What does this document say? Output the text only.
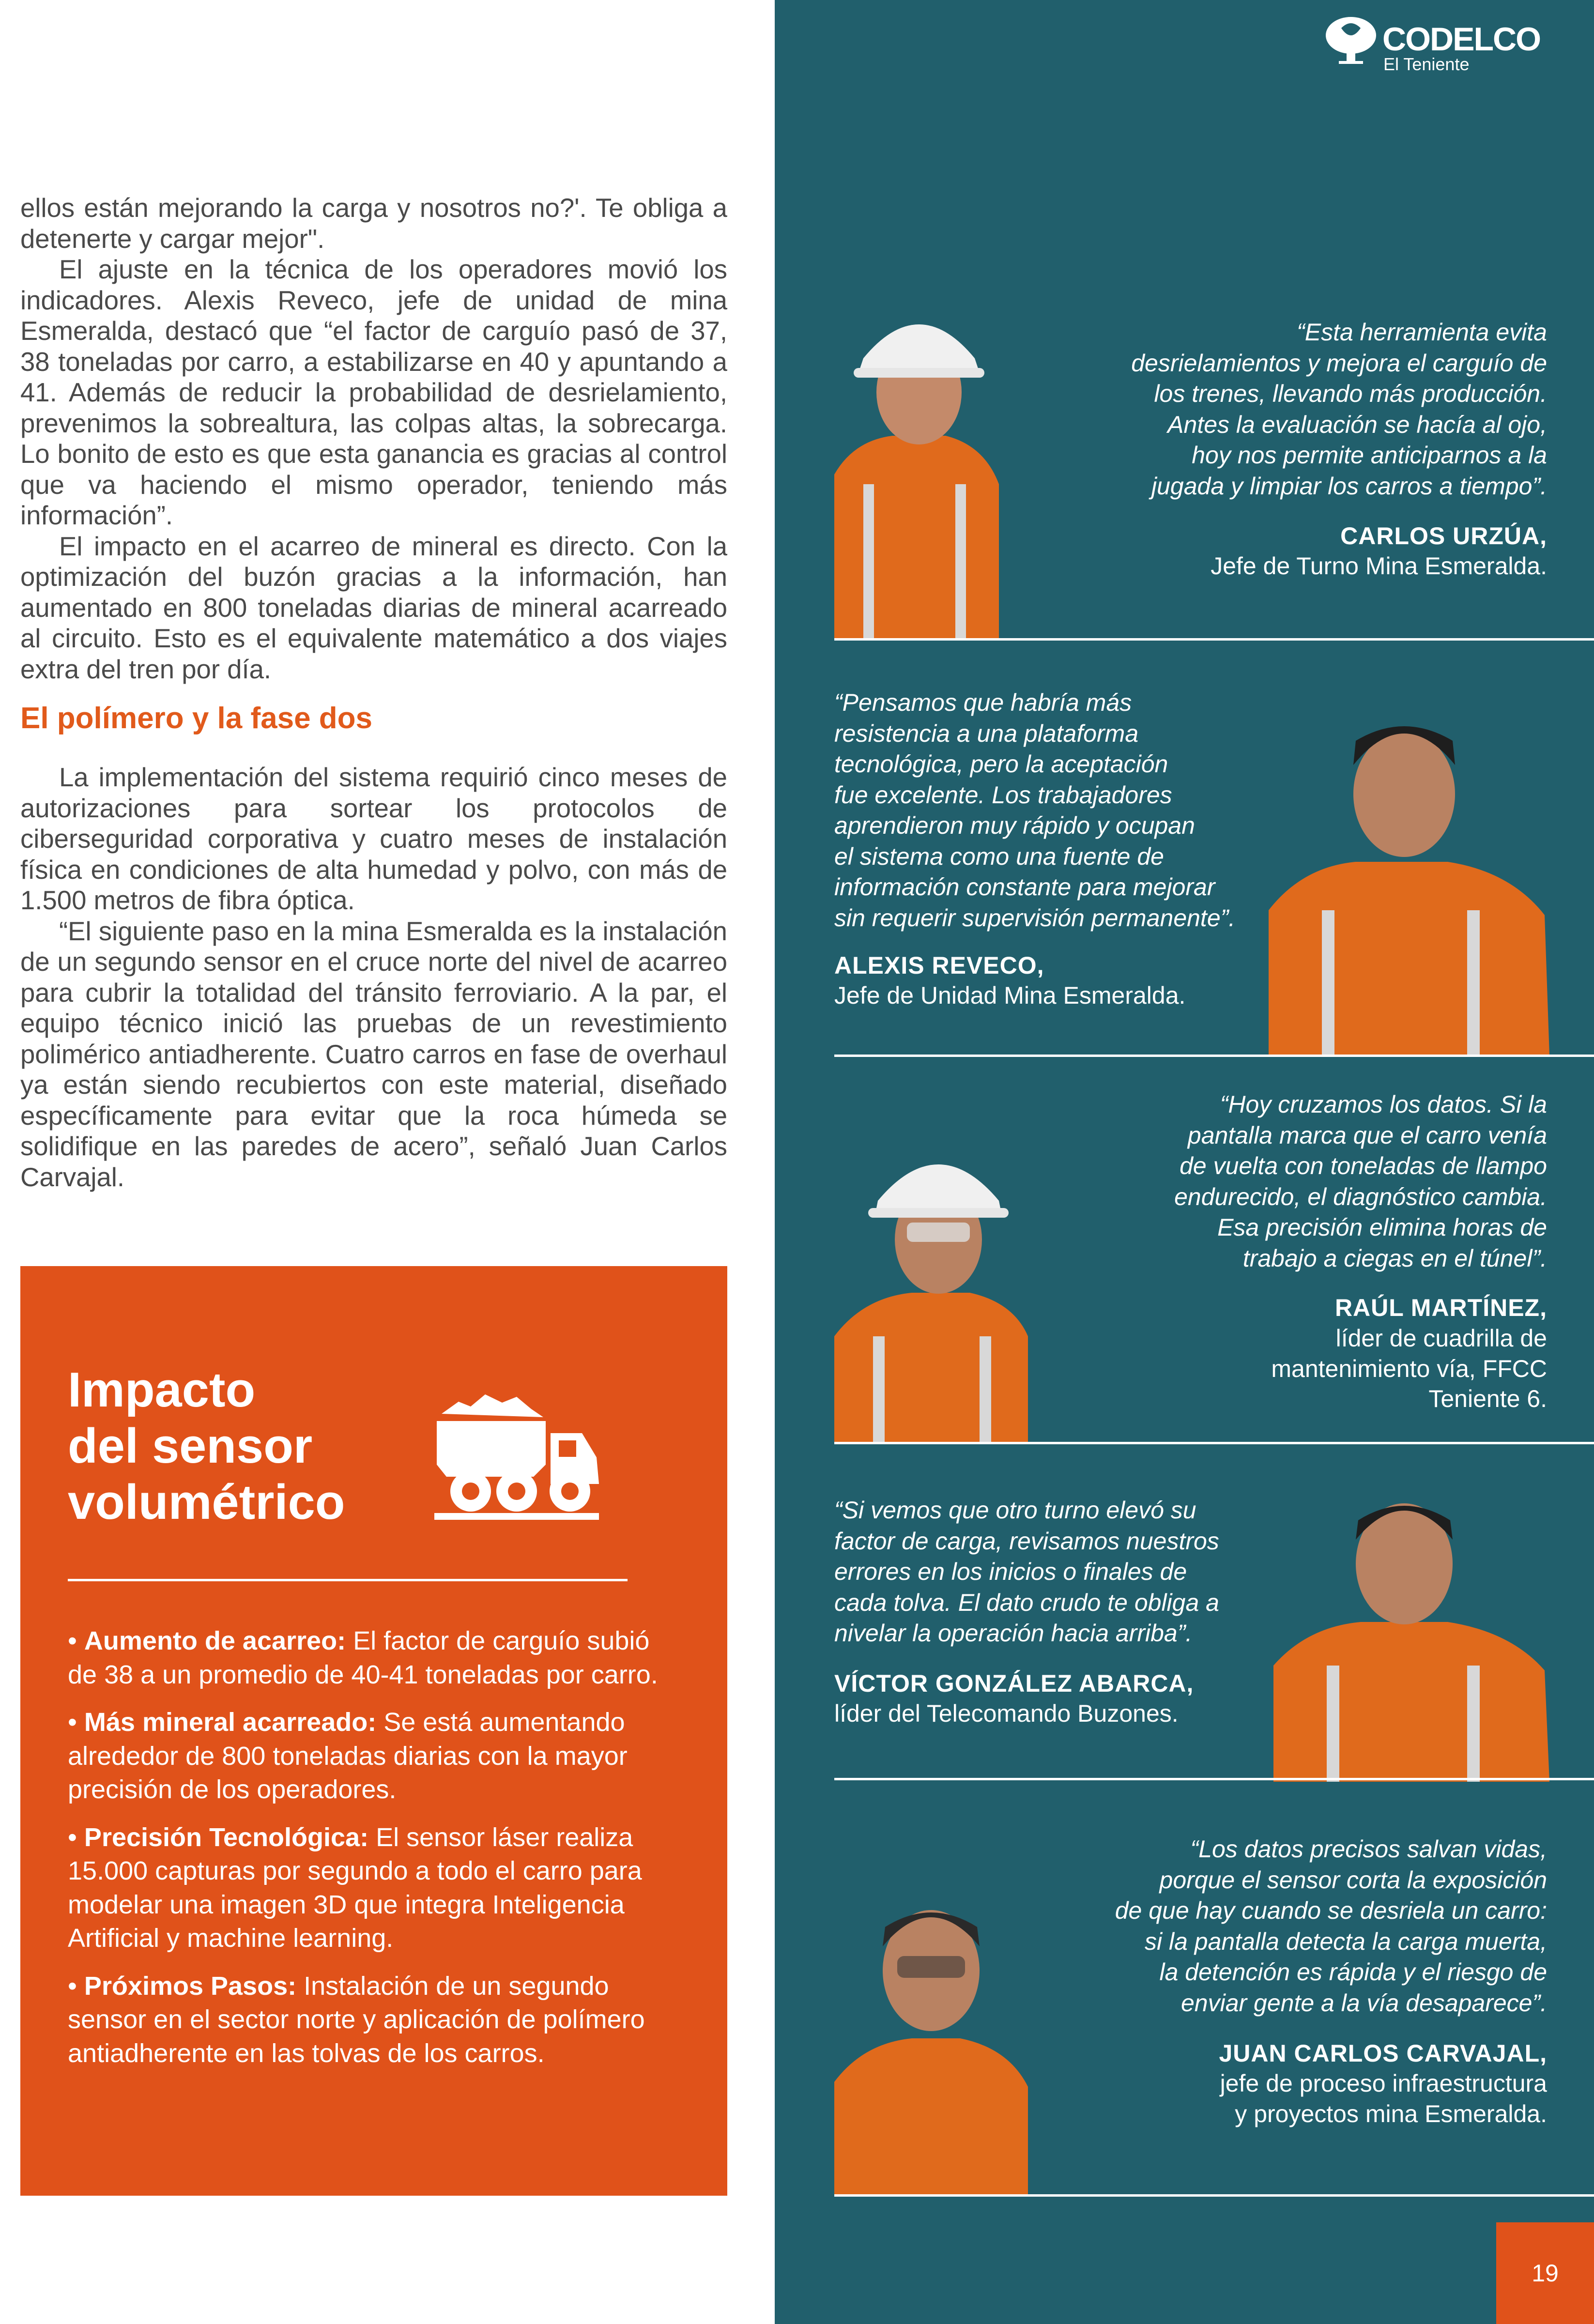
ellos están mejorando la carga y nosotros no?'. Te obliga a detenerte y cargar mejor".

El ajuste en la técnica de los operadores movió los indicadores. Alexis Reveco, jefe de unidad de mina Esmeralda, destacó que “el factor de carguío pasó de 37, 38 toneladas por carro, a estabilizarse en 40 y apuntando a 41. Además de reducir la probabilidad de desrielamiento, prevenimos la sobrealtura, las colpas altas, la sobrecarga. Lo bonito de esto es que esta ganancia es gracias al control que va haciendo el mismo operador, teniendo más información”.

El impacto en el acarreo de mineral es directo. Con la optimización del buzón gracias a la información, han aumentado en 800 toneladas diarias de mineral acarreado al circuito. Esto es el equivalente matemático a dos viajes extra del tren por día.

El polímero y la fase dos

La implementación del sistema requirió cinco meses de autorizaciones para sortear los protocolos de ciberseguridad corporativa y cuatro meses de instalación física en condiciones de alta humedad y polvo, con más de 1.500 metros de fibra óptica.

“El siguiente paso en la mina Esmeralda es la instalación de un segundo sensor en el cruce norte del nivel de acarreo para cubrir la totalidad del tránsito ferroviario. A la par, el equipo técnico inició las pruebas de un revestimiento polimérico antiadherente. Cuatro carros en fase de overhaul ya están siendo recubiertos con este material, diseñado específicamente para evitar que la roca húmeda se solidifique en las paredes de acero”, señaló Juan Carlos Carvajal.

Impacto
del sensor
volumétrico
• Aumento de acarreo: El factor de carguío subió de 38 a un promedio de 40-41 toneladas por carro.
• Más mineral acarreado: Se está aumentando alrededor de 800 toneladas diarias con la mayor precisión de los operadores.
• Precisión Tecnológica: El sensor láser realiza 15.000 capturas por segundo a todo el carro para modelar una imagen 3D que integra Inteligencia Artificial y machine learning.
• Próximos Pasos: Instalación de un segundo sensor en el sector norte y aplicación de polímero antiadherente en las tolvas de los carros.
CODELCO
El Teniente
“Esta herramienta evita
desrielamientos y mejora el carguío de
los trenes, llevando más producción.
Antes la evaluación se hacía al ojo,
hoy nos permite anticiparnos a la
jugada y limpiar los carros a tiempo”.
CARLOS URZÚA,
Jefe de Turno Mina Esmeralda.
“Pensamos que habría más
resistencia a una plataforma
tecnológica, pero la aceptación
fue excelente. Los trabajadores
aprendieron muy rápido y ocupan
el sistema como una fuente de
información constante para mejorar
sin requerir supervisión permanente”.
ALEXIS REVECO,
Jefe de Unidad Mina Esmeralda.
“Hoy cruzamos los datos. Si la
pantalla marca que el carro venía
de vuelta con toneladas de llampo
endurecido, el diagnóstico cambia.
Esa precisión elimina horas de
trabajo a ciegas en el túnel”.
RAÚL MARTÍNEZ,
líder de cuadrilla de
mantenimiento vía, FFCC
Teniente 6.
“Si vemos que otro turno elevó su
factor de carga, revisamos nuestros
errores en los inicios o finales de
cada tolva. El dato crudo te obliga a
nivelar la operación hacia arriba”.
VÍCTOR GONZÁLEZ ABARCA,
líder del Telecomando Buzones.
“Los datos precisos salvan vidas,
porque el sensor corta la exposición
de que hay cuando se desriela un carro:
si la pantalla detecta la carga muerta,
la detención es rápida y el riesgo de
enviar gente a la vía desaparece”.
JUAN CARLOS CARVAJAL,
jefe de proceso infraestructura
y proyectos mina Esmeralda.
19
